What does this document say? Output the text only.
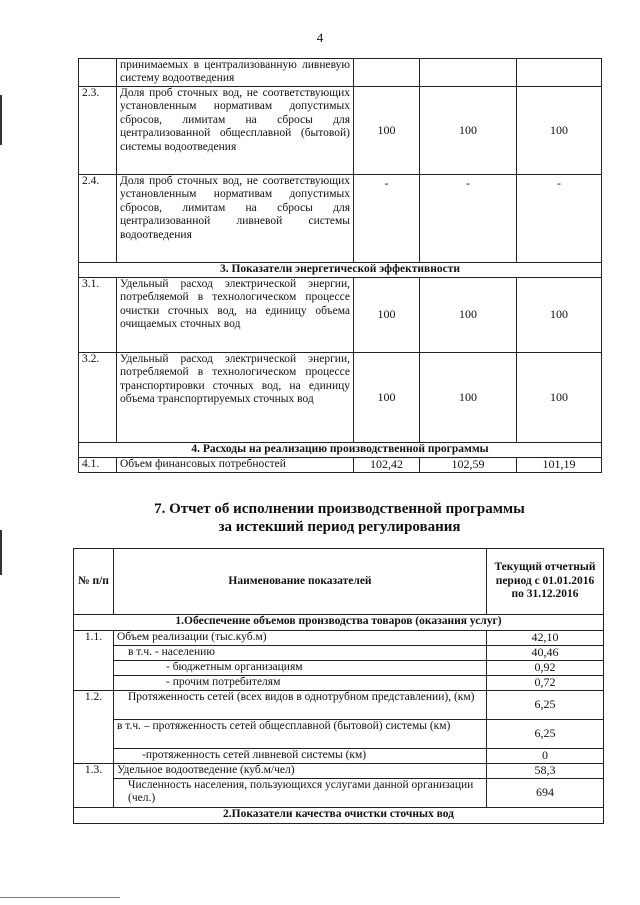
4
	принимаемых в централизованную ливневую систему водоотведения			
2.3.	Доля проб сточных вод, не соответствующих установленным нормативам допустимых сбросов, лимитам на сбросы для централизованной общесплавной (бытовой) системы водоотведения	100	100	100
2.4.	Доля проб сточных вод, не соответствующих установленным нормативам допустимых сбросов, лимитам на сбросы для централизованной ливневой системы водоотведения	-	-	-
3. Показатели энергетической эффективности				
3.1.	Удельный расход электрической энергии, потребляемой в технологическом процессе очистки сточных вод, на единицу объема очищаемых сточных вод	100	100	100
3.2.	Удельный расход электрической энергии, потребляемой в технологическом процессе транспортировки сточных вод, на единицу объема транспортируемых сточных вод	100	100	100
4. Расходы на реализацию производственной программы				
4.1.	Объем финансовых потребностей	102,42	102,59	101,19
7. Отчет об исполнении производственной программы
за истекший период регулирования
№ п/п	Наименование показателей	Текущий отчетный период с 01.01.2016 по 31.12.2016
1.Обеспечение объемов производства товаров (оказания услуг)		
1.1.	Объем реализации (тыс.куб.м)	42,10
	в т.ч. - населению	40,46
	- бюджетным организациям	0,92
	- прочим потребителям	0,72
1.2.	Протяженность сетей (всех видов в однотрубном представлении), (км)	6,25
	в т.ч. – протяженность сетей общесплавной (бытовой) системы (км)	6,25
	-протяженность сетей ливневой системы (км)	0
1.3.	Удельное водоотведение (куб.м/чел)	58,3
	Численность населения, пользующихся услугами данной организации (чел.)	694
2.Показатели качества очистки сточных вод		
